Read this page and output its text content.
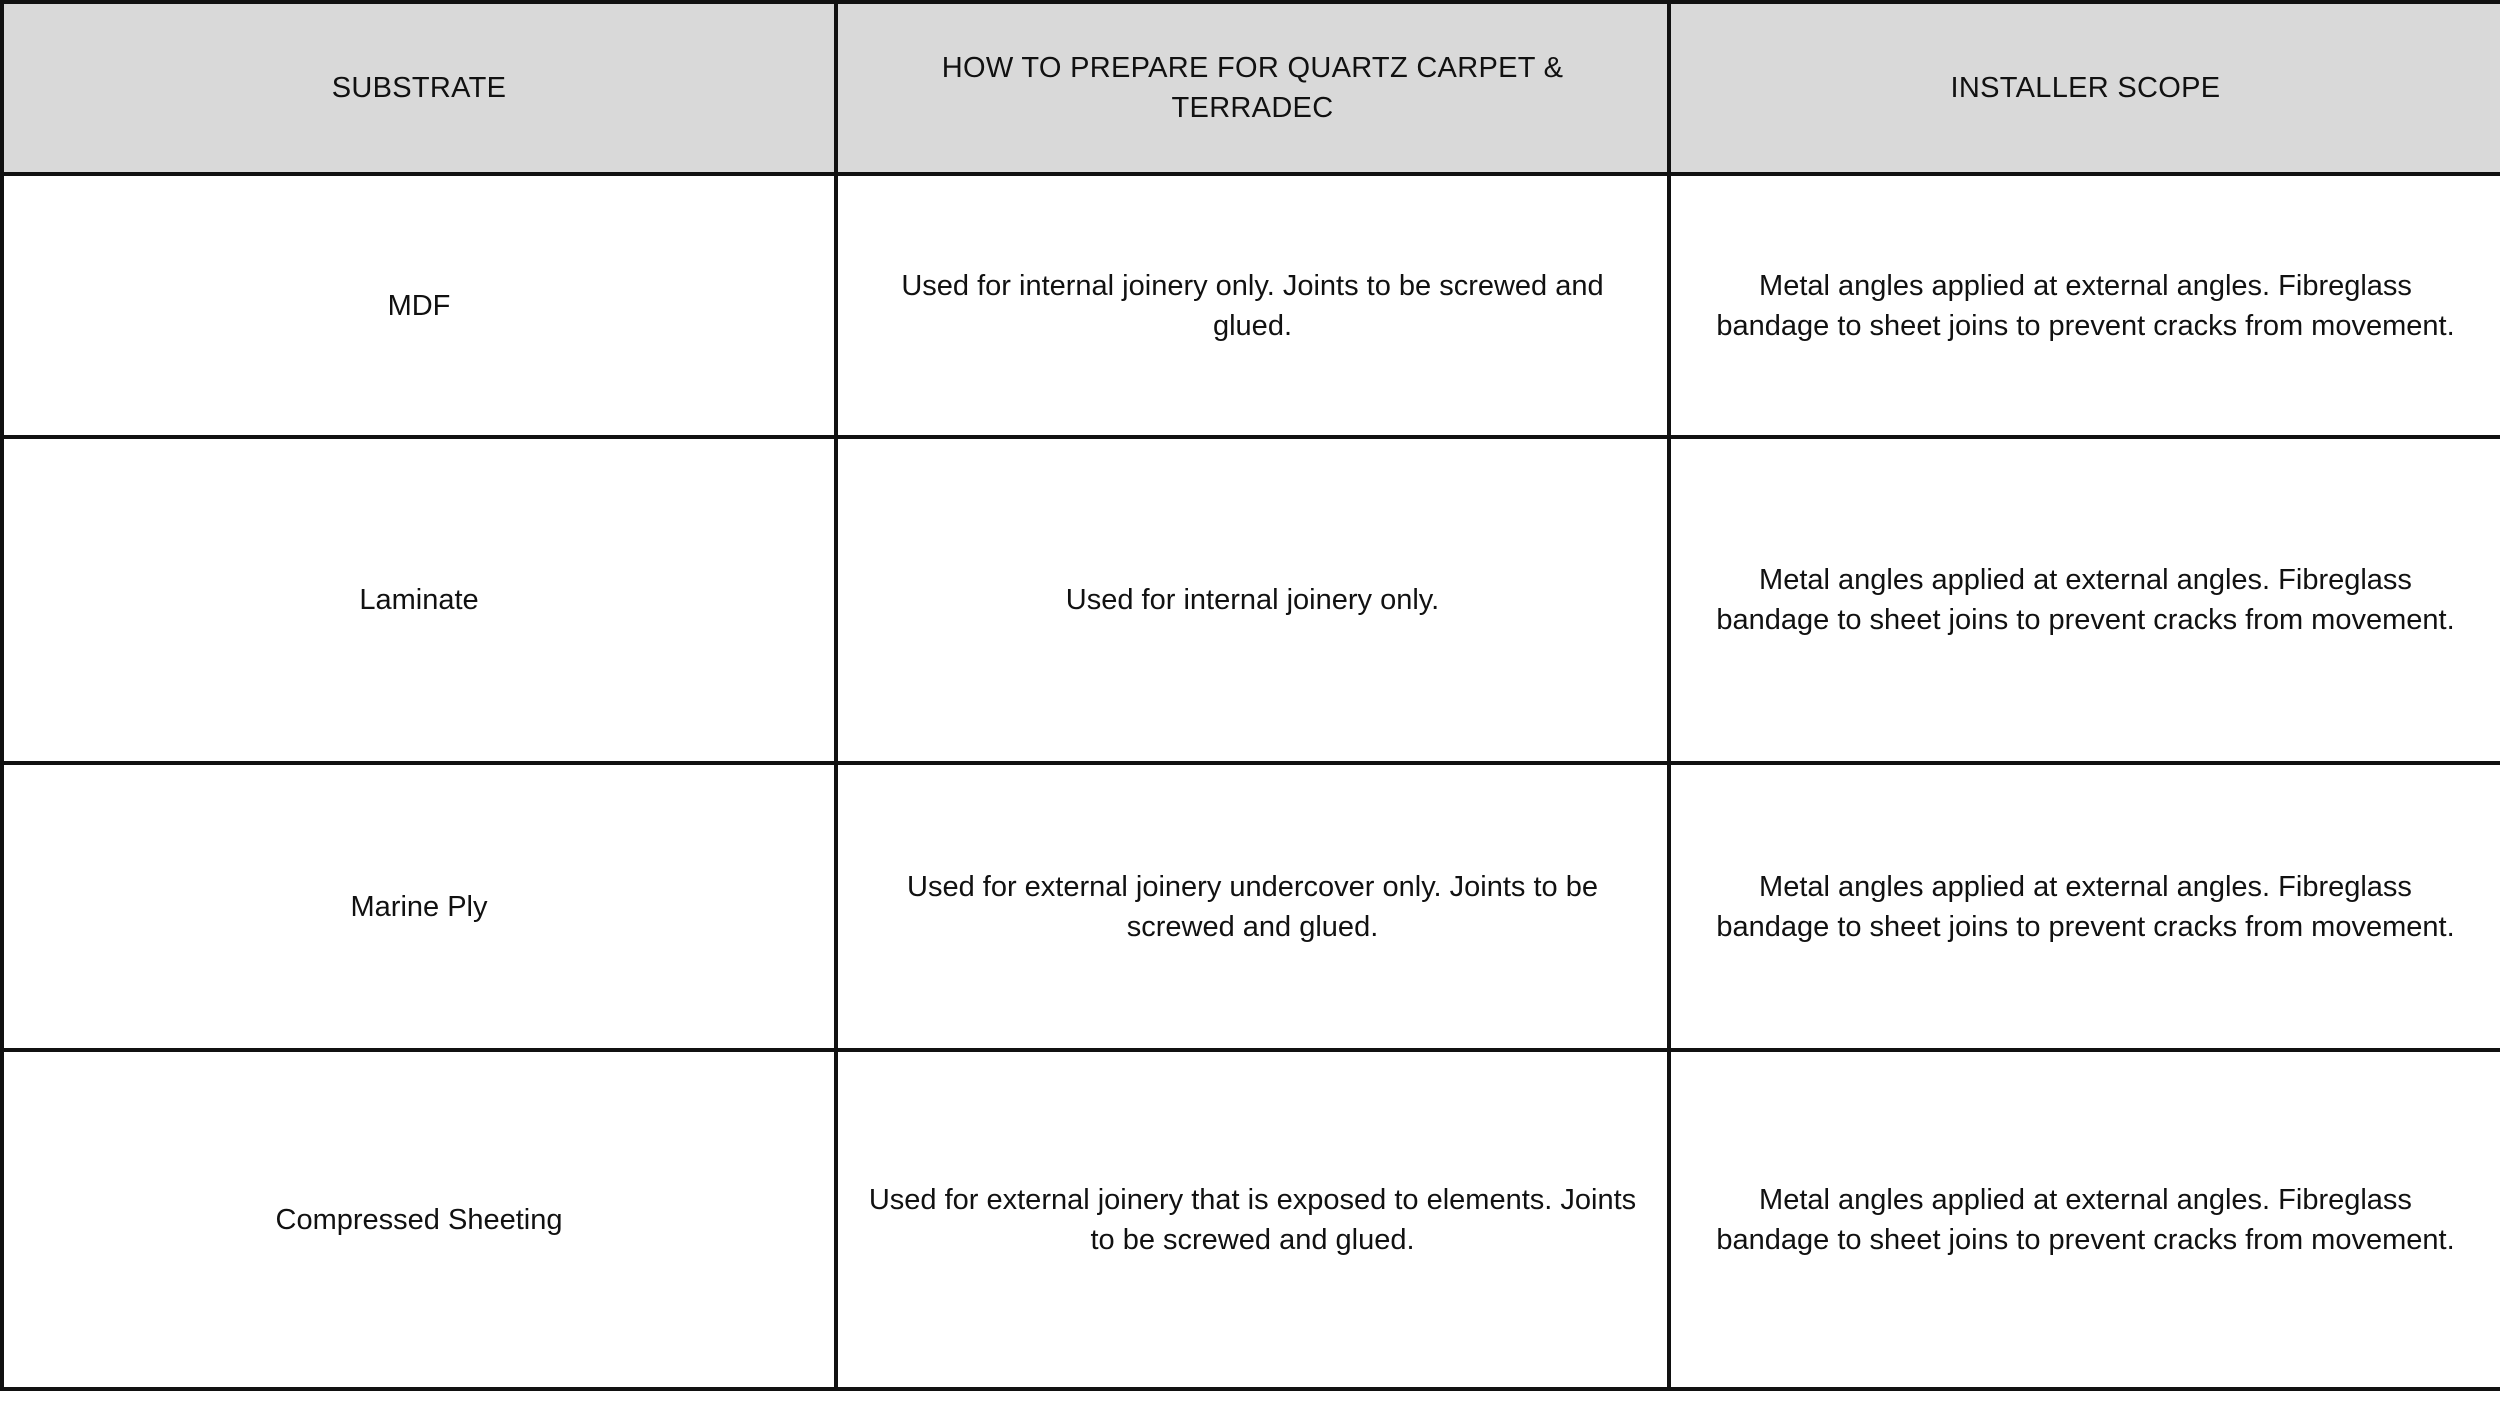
SUBSTRATE	HOW TO PREPARE FOR QUARTZ CARPET & TERRADEC	INSTALLER SCOPE
MDF	Used for internal joinery only. Joints to be screwed and glued.	Metal angles applied at external angles. Fibreglass bandage to sheet joins to prevent cracks from movement.
Laminate	Used for internal joinery only.	Metal angles applied at external angles. Fibreglass bandage to sheet joins to prevent cracks from movement.
Marine Ply	Used for external joinery undercover only. Joints to be screwed and glued.	Metal angles applied at external angles. Fibreglass bandage to sheet joins to prevent cracks from movement.
Compressed Sheeting	Used for external joinery that is exposed to elements. Joints to be screwed and glued.	Metal angles applied at external angles. Fibreglass bandage to sheet joins to prevent cracks from movement.
